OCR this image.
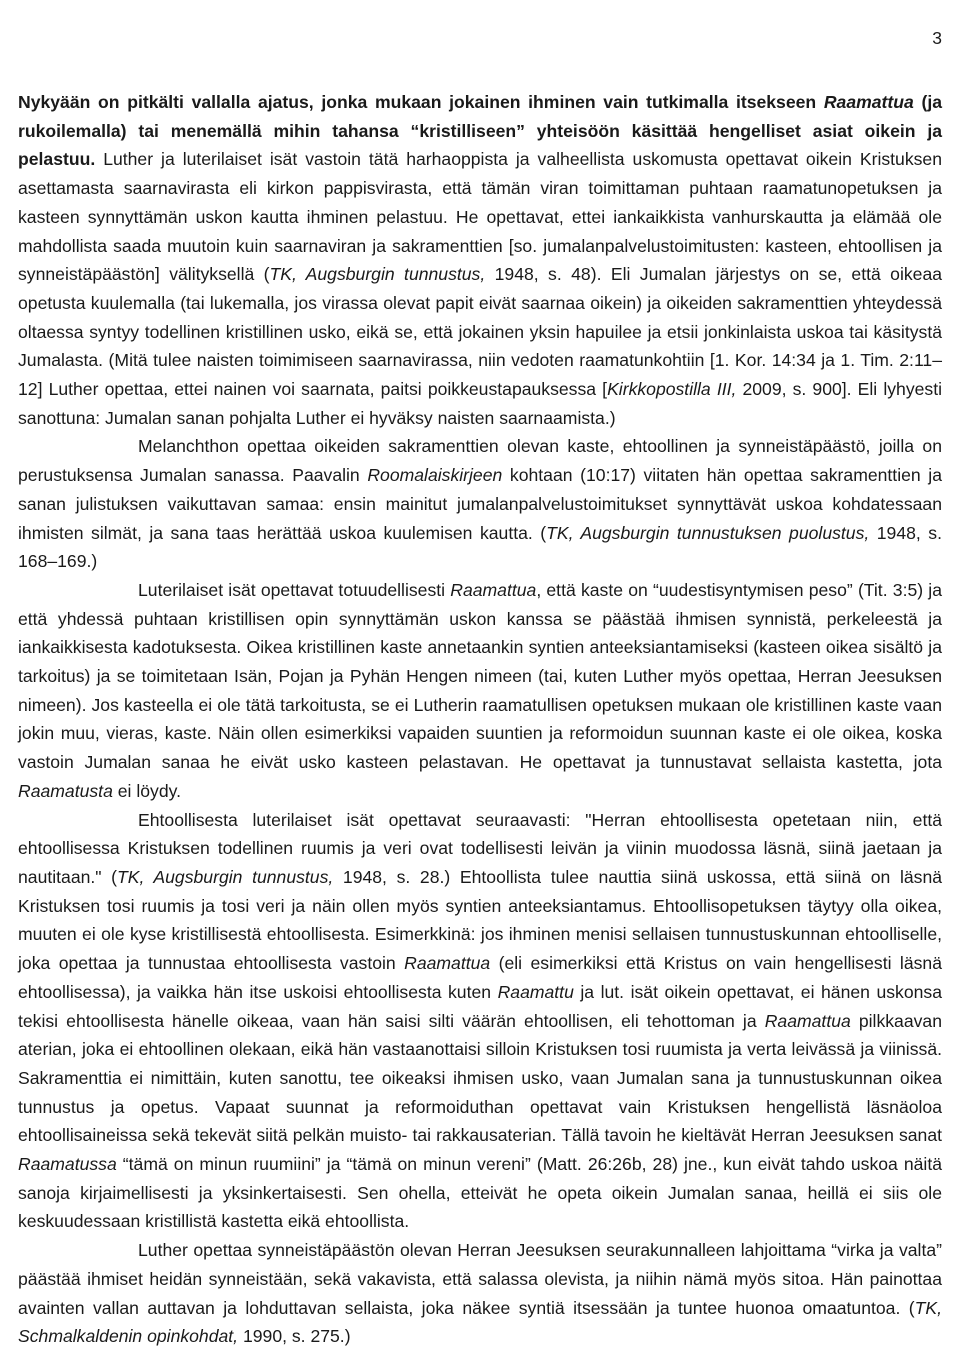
3

Nykyään on pitkälti vallalla ajatus, jonka mukaan jokainen ihminen vain tutkimalla itsekseen Raamattua (ja rukoilemalla) tai menemällä mihin tahansa “kristilliseen” yhteisöön käsittää hengelliset asiat oikein ja pelastuu. Luther ja luterilaiset isät vastoin tätä harhaoppista ja valheellista uskomusta opettavat oikein Kristuksen asettamasta saarnavirasta eli kirkon pappisvirasta, että tämän viran toimittaman puhtaan raamatunopetuksen ja kasteen synnyttämän uskon kautta ihminen pelastuu. He opettavat, ettei iankaikkista vanhurskautta ja elämää ole mahdollista saada muutoin kuin saarnaviran ja sakramenttien [so. jumalanpalvelustoimitusten: kasteen, ehtoollisen ja synneistäpäästön] välityksellä (TK, Augsburgin tunnustus, 1948, s. 48). Eli Jumalan järjestys on se, että oikeaa opetusta kuulemalla (tai lukemalla, jos virassa olevat papit eivät saarnaa oikein) ja oikeiden sakramenttien yhteydessä oltaessa syntyy todellinen kristillinen usko, eikä se, että jokainen yksin hapuilee ja etsii jonkinlaista uskoa tai käsitystä Jumalasta. (Mitä tulee naisten toimimiseen saarnavirassa, niin vedoten raamatunkohtiin [1. Kor. 14:34 ja 1. Tim. 2:11–12] Luther opettaa, ettei nainen voi saarnata, paitsi poikkeustapauksessa [Kirkkopostilla III, 2009, s. 900]. Eli lyhyesti sanottuna: Jumalan sanan pohjalta Luther ei hyväksy naisten saarnaamista.)

Melanchthon opettaa oikeiden sakramenttien olevan kaste, ehtoollinen ja synneistäpäästö, joilla on perustuksensa Jumalan sanassa. Paavalin Roomalaiskirjeen kohtaan (10:17) viitaten hän opettaa sakramenttien ja sanan julistuksen vaikuttavan samaa: ensin mainitut jumalanpalvelustoimitukset synnyttävät uskoa kohdatessaan ihmisten silmät, ja sana taas herättää uskoa kuulemisen kautta. (TK, Augsburgin tunnustuksen puolustus, 1948, s. 168–169.)

Luterilaiset isät opettavat totuudellisesti Raamattua, että kaste on “uudestisyntymisen peso” (Tit. 3:5) ja että yhdessä puhtaan kristillisen opin synnyttämän uskon kanssa se päästää ihmisen synnistä, perkeleestä ja iankaikkisesta kadotuksesta. Oikea kristillinen kaste annetaankin syntien anteeksiantamiseksi (kasteen oikea sisältö ja tarkoitus) ja se toimitetaan Isän, Pojan ja Pyhän Hengen nimeen (tai, kuten Luther myös opettaa, Herran Jeesuksen nimeen). Jos kasteella ei ole tätä tarkoitusta, se ei Lutherin raamatullisen opetuksen mukaan ole kristillinen kaste vaan jokin muu, vieras, kaste. Näin ollen esimerkiksi vapaiden suuntien ja reformoidun suunnan kaste ei ole oikea, koska vastoin Jumalan sanaa he eivät usko kasteen pelastavan. He opettavat ja tunnustavat sellaista kastetta, jota Raamatusta ei löydy.

Ehtoollisesta luterilaiset isät opettavat seuraavasti: "Herran ehtoollisesta opetetaan niin, että ehtoollisessa Kristuksen todellinen ruumis ja veri ovat todellisesti leivän ja viinin muodossa läsnä, siinä jaetaan ja nautitaan." (TK, Augsburgin tunnustus, 1948, s. 28.) Ehtoollista tulee nauttia siinä uskossa, että siinä on läsnä Kristuksen tosi ruumis ja tosi veri ja näin ollen myös syntien anteeksiantamus. Ehtoollisopetuksen täytyy olla oikea, muuten ei ole kyse kristillisestä ehtoollisesta. Esimerkkinä: jos ihminen menisi sellaisen tunnustuskunnan ehtoolliselle, joka opettaa ja tunnustaa ehtoollisesta vastoin Raamattua (eli esimerkiksi että Kristus on vain hengellisesti läsnä ehtoollisessa), ja vaikka hän itse uskoisi ehtoollisesta kuten Raamattu ja lut. isät oikein opettavat, ei hänen uskonsa tekisi ehtoollisesta hänelle oikeaa, vaan hän saisi silti väärän ehtoollisen, eli tehottoman ja Raamattua pilkkaavan aterian, joka ei ehtoollinen olekaan, eikä hän vastaanottaisi silloin Kristuksen tosi ruumista ja verta leivässä ja viinissä. Sakramenttia ei nimittäin, kuten sanottu, tee oikeaksi ihmisen usko, vaan Jumalan sana ja tunnustuskunnan oikea tunnustus ja opetus. Vapaat suunnat ja reformoiduthan opettavat vain Kristuksen hengellistä läsnäoloa ehtoollisaineissa sekä tekevät siitä pelkän muisto- tai rakkausaterian. Tällä tavoin he kieltävät Herran Jeesuksen sanat Raamatussa “tämä on minun ruumiini” ja “tämä on minun vereni” (Matt. 26:26b, 28) jne., kun eivät tahdo uskoa näitä sanoja kirjaimellisesti ja yksinkertaisesti. Sen ohella, etteivät he opeta oikein Jumalan sanaa, heillä ei siis ole keskuudessaan kristillistä kastetta eikä ehtoollista.

Luther opettaa synneistäpäästön olevan Herran Jeesuksen seurakunnalleen lahjoittama “virka ja valta” päästää ihmiset heidän synneistään, sekä vakavista, että salassa olevista, ja niihin nämä myös sitoa. Hän painottaa avainten vallan auttavan ja lohduttavan sellaista, joka näkee syntiä itsessään ja tuntee huonoa omaatuntoa. (TK, Schmalkaldenin opinkohdat, 1990, s. 275.)
